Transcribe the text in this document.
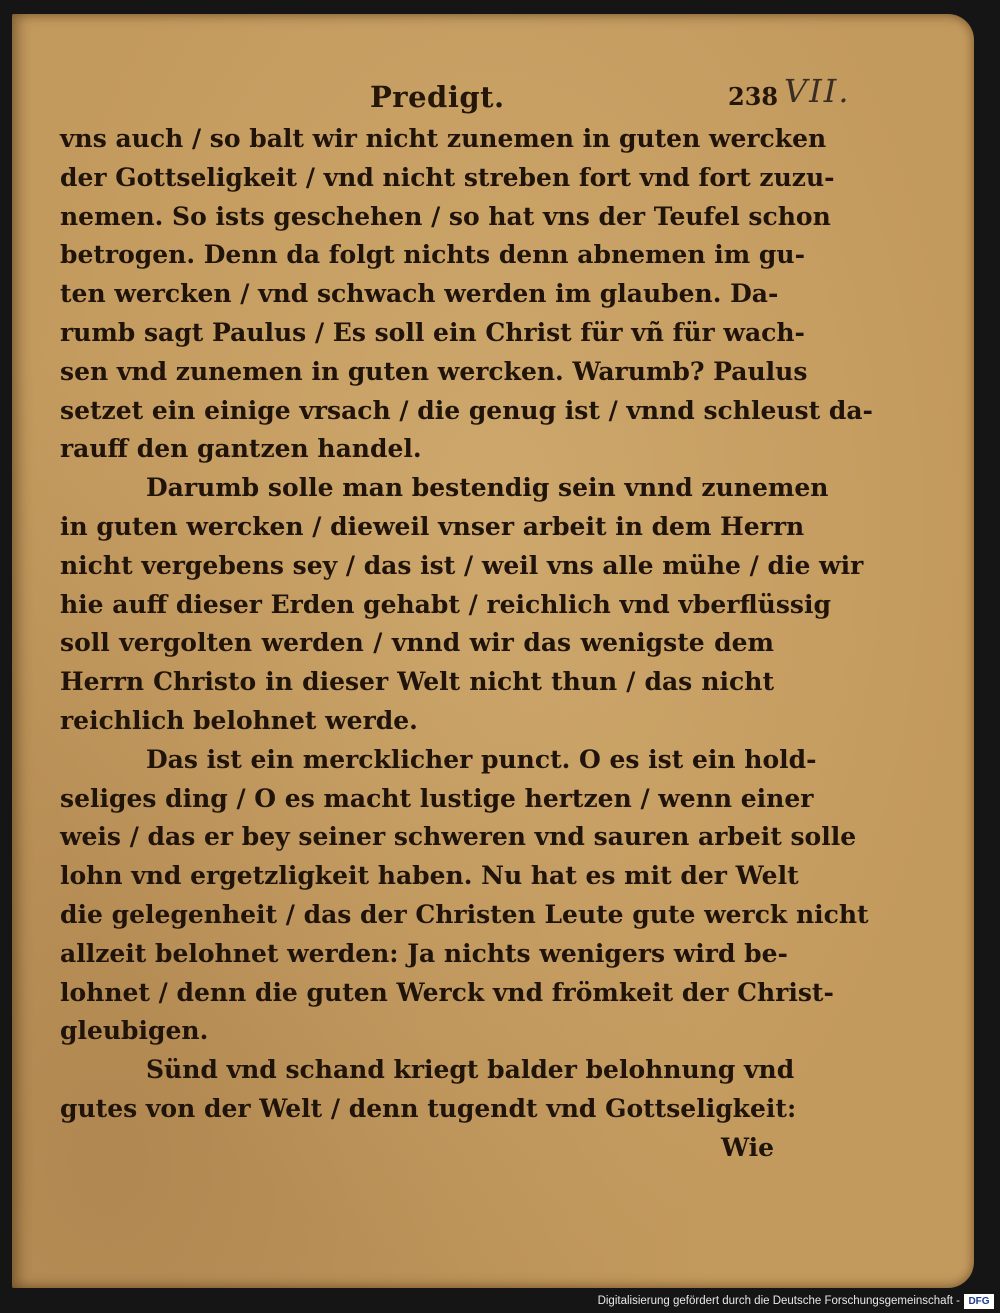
Predigt.	238 VII.
vns auch / so balt wir nicht zunemen in guten wercken
der Gottseligkeit / vnd nicht streben fort vnd fort zuzu-
nemen. So ists geschehen / so hat vns der Teufel schon
betrogen. Denn da folgt nichts denn abnemen im gu-
ten wercken / vnd schwach werden im glauben. Da-
rumb sagt Paulus / Es soll ein Christ für vñ für wach-
sen vnd zunemen in guten wercken. Warumb? Paulus
setzet ein einige vrsach / die genug ist / vnnd schleust da-
rauff den gantzen handel.
Darumb solle man bestendig sein vnnd zunemen
in guten wercken / dieweil vnser arbeit in dem Herrn
nicht vergebens sey / das ist / weil vns alle mühe / die wir
hie auff dieser Erden gehabt / reichlich vnd vberflüssig
soll vergolten werden / vnnd wir das wenigste dem
Herrn Christo in dieser Welt nicht thun / das nicht
reichlich belohnet werde.
Das ist ein mercklicher punct. O es ist ein hold-
seliges ding / O es macht lustige hertzen / wenn einer
weis / das er bey seiner schweren vnd sauren arbeit solle
lohn vnd ergetzligkeit haben. Nu hat es mit der Welt
die gelegenheit / das der Christen Leute gute werck nicht
allzeit belohnet werden: Ja nichts wenigers wird be-
lohnet / denn die guten Werck vnd frömkeit der Christ-
gleubigen.
Sünd vnd schand kriegt balder belohnung vnd
gutes von der Welt / denn tugendt vnd Gottseligkeit:
Wie
Digitalisierung gefördert durch die Deutsche Forschungsgemeinschaft - DFG
